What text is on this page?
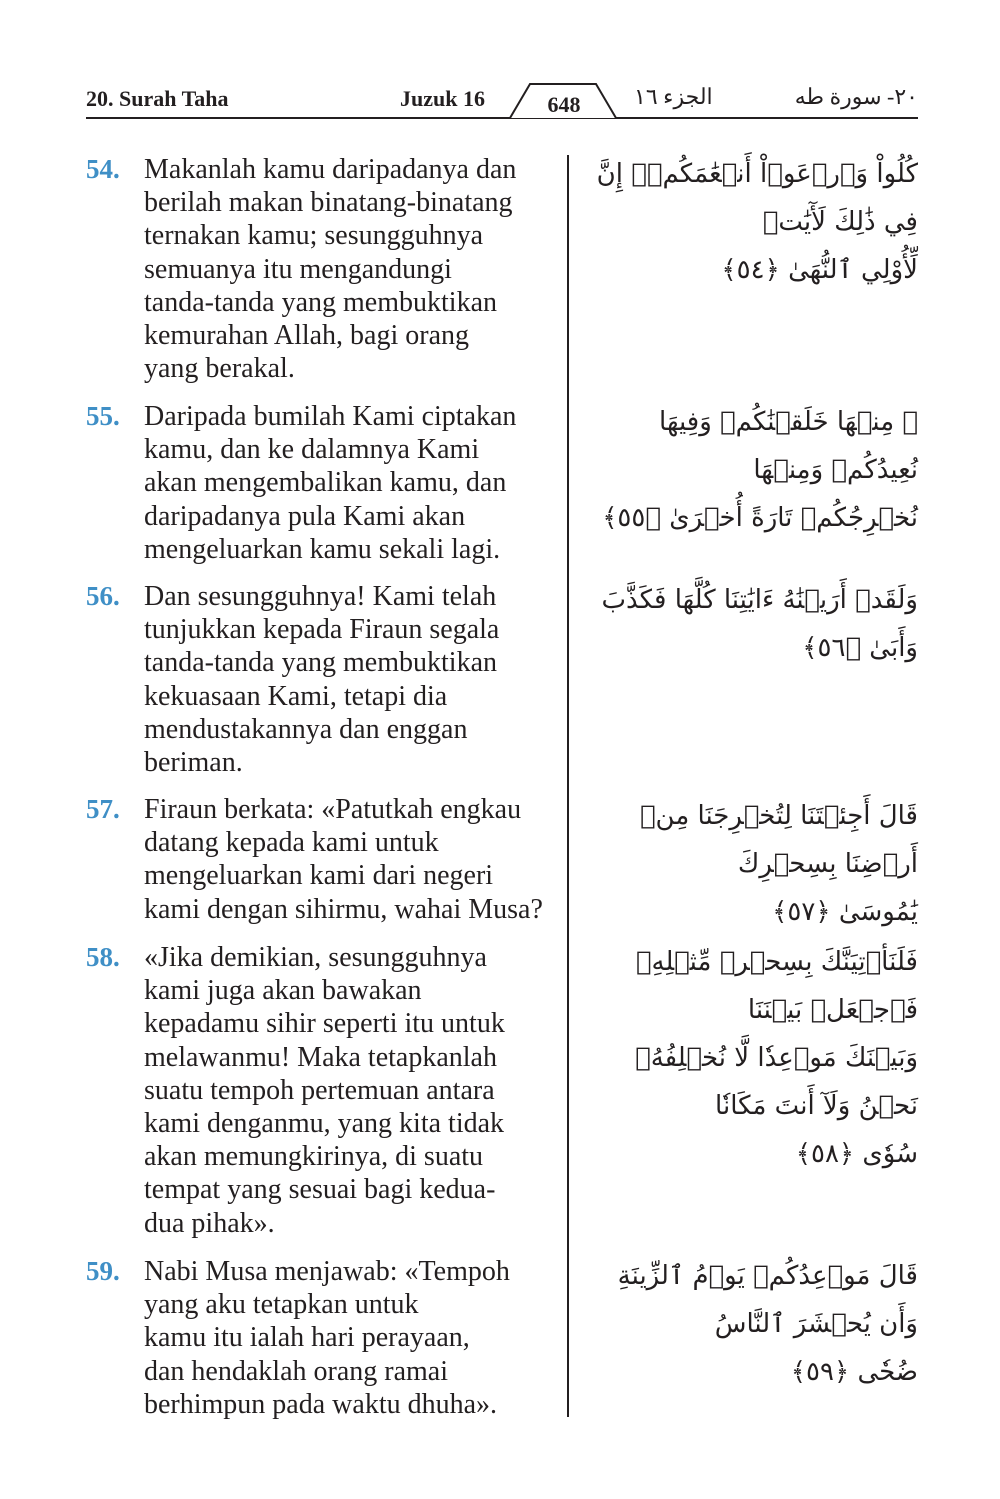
20. Surah Taha	Juzuk 16	الجزء ١٦	٢٠- سورة طه
648
54. Makanlah kamu daripadanya dan
berilah makan binatang-binatang
ternakan kamu; sesungguhnya
semuanya itu mengandungi
tanda-tanda yang membuktikan
kemurahan Allah, bagi orang
yang berakal.
كُلُواْ وَٱرۡعَوۡاْ أَنۡعَٰمَكُمۡۚ إِنَّ فِي ذَٰلِكَ لَأٓيَٰتٖ
لِّأُوْلِي ٱلنُّهَىٰ ﴿٥٤﴾
55. Daripada bumilah Kami ciptakan
kamu, dan ke dalamnya Kami
akan mengembalikan kamu, dan
daripadanya pula Kami akan
mengeluarkan kamu sekali lagi.
۞ مِنۡهَا خَلَقۡنَٰكُمۡ وَفِيهَا نُعِيدُكُمۡ وَمِنۡهَا
نُخۡرِجُكُمۡ تَارَةً أُخۡرَىٰ ﴿٥٥﴾
56. Dan sesungguhnya! Kami telah
tunjukkan kepada Firaun segala
tanda-tanda yang membuktikan
kekuasaan Kami, tetapi dia
mendustakannya dan enggan
beriman.
وَلَقَدۡ أَرَيۡنَٰهُ ءَايَٰتِنَا كُلَّهَا فَكَذَّبَ وَأَبَىٰ ﴿٥٦﴾
57. Firaun berkata: «Patutkah engkau
datang kepada kami untuk
mengeluarkan kami dari negeri
kami dengan sihirmu, wahai Musa?
قَالَ أَجِئۡتَنَا لِتُخۡرِجَنَا مِنۡ أَرۡضِنَا بِسِحۡرِكَ
يَٰمُوسَىٰ ﴿٥٧﴾
58. «Jika demikian, sesungguhnya
kami juga akan bawakan
kepadamu sihir seperti itu untuk
melawanmu! Maka tetapkanlah
suatu tempoh pertemuan antara
kami denganmu, yang kita tidak
akan memungkirinya, di suatu
tempat yang sesuai bagi kedua-
dua pihak».
فَلَنَأۡتِيَنَّكَ بِسِحۡرٖ مِّثۡلِهِۦ فَٱجۡعَلۡ بَيۡنَنَا
وَبَيۡنَكَ مَوۡعِدٗا لَّا نُخۡلِفُهُۥ نَحۡنُ وَلَآ أَنتَ مَكَانٗا
سُوٗى ﴿٥٨﴾
59. Nabi Musa menjawab: «Tempoh
yang aku tetapkan untuk
kamu itu ialah hari perayaan,
dan hendaklah orang ramai
berhimpun pada waktu dhuha».
قَالَ مَوۡعِدُكُمۡ يَوۡمُ ٱلزِّينَةِ وَأَن يُحۡشَرَ ٱلنَّاسُ
ضُحٗى ﴿٥٩﴾
